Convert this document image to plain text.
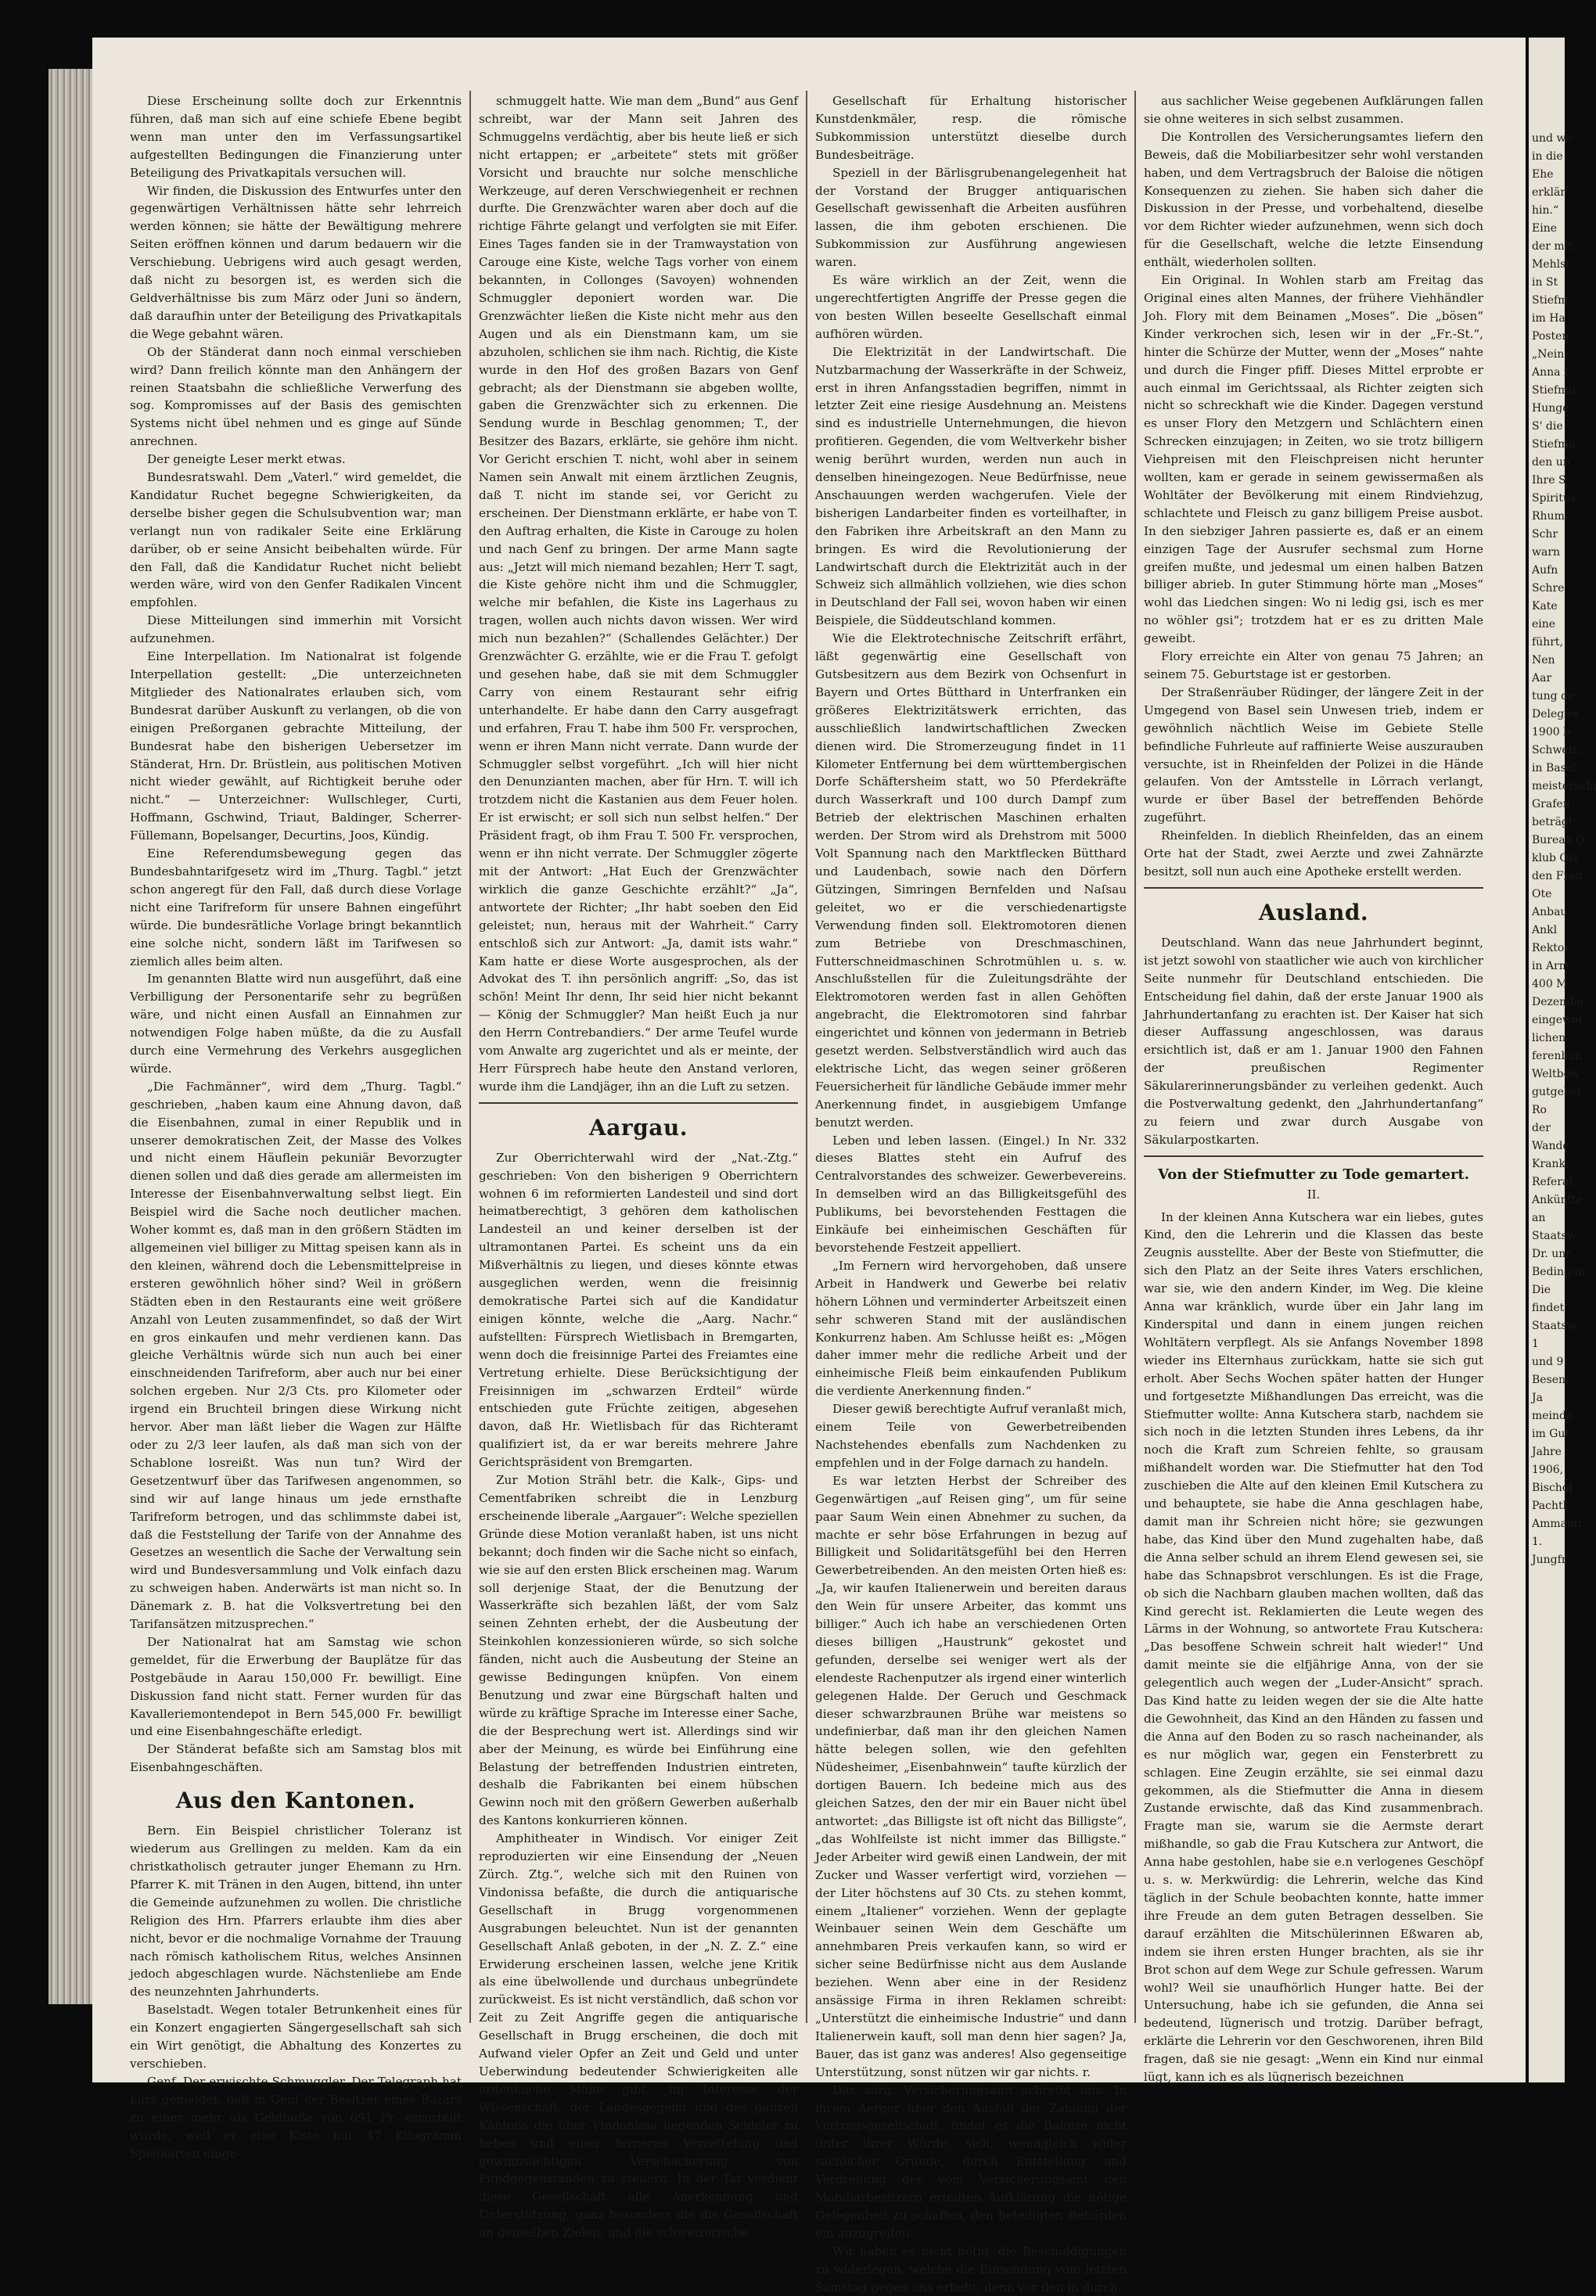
Diese Erscheinung sollte doch zur Erkenntnis führen, daß man sich auf eine schiefe Ebene begibt wenn man unter den im Verfassungsartikel aufgestellten Bedingungen die Finanzierung unter Beteiligung des Privatkapitals versuchen will.

Wir finden, die Diskussion des Entwurfes unter den gegenwärtigen Verhältnissen hätte sehr lehrreich werden können; sie hätte der Bewältigung mehrere Seiten eröffnen können und darum bedauern wir die Verschiebung. Uebrigens wird auch gesagt werden, daß nicht zu besorgen ist, es werden sich die Geldverhältnisse bis zum März oder Juni so ändern, daß daraufhin unter der Beteiligung des Privatkapitals die Wege gebahnt wären.

Ob der Ständerat dann noch einmal verschieben wird? Dann freilich könnte man den Anhängern der reinen Staatsbahn die schließliche Verwerfung des sog. Kompromisses auf der Basis des gemischten Systems nicht übel nehmen und es ginge auf Sünde anrechnen.

Der geneigte Leser merkt etwas.

Bundesratswahl. Dem „Vaterl.“ wird gemeldet, die Kandidatur Ruchet begegne Schwierigkeiten, da derselbe bisher gegen die Schulsubvention war; man verlangt nun von radikaler Seite eine Erklärung darüber, ob er seine Ansicht beibehalten würde. Für den Fall, daß die Kandidatur Ruchet nicht beliebt werden wäre, wird von den Genfer Radikalen Vincent empfohlen.

Diese Mitteilungen sind immerhin mit Vorsicht aufzunehmen.

Eine Interpellation. Im Nationalrat ist folgende Interpellation gestellt: „Die unterzeichneten Mitglieder des Nationalrates erlauben sich, vom Bundesrat darüber Auskunft zu verlangen, ob die von einigen Preßorganen gebrachte Mitteilung, der Bundesrat habe den bisherigen Uebersetzer im Ständerat, Hrn. Dr. Brüstlein, aus politischen Motiven nicht wieder gewählt, auf Richtigkeit beruhe oder nicht.“ — Unterzeichner: Wullschleger, Curti, Hoffmann, Gschwind, Triaut, Baldinger, Scherrer-Füllemann, Bopelsanger, Decurtins, Joos, Kündig.

Eine Referendumsbewegung gegen das Bundesbahntarifgesetz wird im „Thurg. Tagbl.“ jetzt schon angeregt für den Fall, daß durch diese Vorlage nicht eine Tarifreform für unsere Bahnen eingeführt würde. Die bundesrätliche Vorlage bringt bekanntlich eine solche nicht, sondern läßt im Tarifwesen so ziemlich alles beim alten.

Im genannten Blatte wird nun ausgeführt, daß eine Verbilligung der Personentarife sehr zu begrüßen wäre, und nicht einen Ausfall an Einnahmen zur notwendigen Folge haben müßte, da die zu Ausfall durch eine Vermehrung des Verkehrs ausgeglichen würde.

„Die Fachmänner“, wird dem „Thurg. Tagbl.“ geschrieben, „haben kaum eine Ahnung davon, daß die Eisenbahnen, zumal in einer Republik und in unserer demokratischen Zeit, der Masse des Volkes und nicht einem Häuflein pekuniär Bevorzugter dienen sollen und daß dies gerade am allermeisten im Interesse der Eisenbahnverwaltung selbst liegt. Ein Beispiel wird die Sache noch deutlicher machen. Woher kommt es, daß man in den größern Städten im allgemeinen viel billiger zu Mittag speisen kann als in den kleinen, während doch die Lebensmittelpreise in ersteren gewöhnlich höher sind? Weil in größern Städten eben in den Restaurants eine weit größere Anzahl von Leuten zusammenfindet, so daß der Wirt en gros einkaufen und mehr verdienen kann. Das gleiche Verhältnis würde sich nun auch bei einer einschneidenden Tarifreform, aber auch nur bei einer solchen ergeben. Nur 2/3 Cts. pro Kilometer oder irgend ein Bruchteil bringen diese Wirkung nicht hervor. Aber man läßt lieber die Wagen zur Hälfte oder zu 2/3 leer laufen, als daß man sich von der Schablone losreißt. Was nun tun? Wird der Gesetzentwurf über das Tarifwesen angenommen, so sind wir auf lange hinaus um jede ernsthafte Tarifreform betrogen, und das schlimmste dabei ist, daß die Feststellung der Tarife von der Annahme des Gesetzes an wesentlich die Sache der Verwaltung sein wird und Bundesversammlung und Volk einfach dazu zu schweigen haben. Anderwärts ist man nicht so. In Dänemark z. B. hat die Volksvertretung bei den Tarifansätzen mitzusprechen.“

Der Nationalrat hat am Samstag wie schon gemeldet, für die Erwerbung der Bauplätze für das Postgebäude in Aarau 150,000 Fr. bewilligt. Eine Diskussion fand nicht statt. Ferner wurden für das Kavalleriemontendepot in Bern 545,000 Fr. bewilligt und eine Eisenbahngeschäfte erledigt.

Der Ständerat befaßte sich am Samstag blos mit Eisenbahngeschäften.

Aus den Kantonen.

Bern. Ein Beispiel christlicher Toleranz ist wiederum aus Grellingen zu melden. Kam da ein christkatholisch getrauter junger Ehemann zu Hrn. Pfarrer K. mit Tränen in den Augen, bittend, ihn unter die Gemeinde aufzunehmen zu wollen. Die christliche Religion des Hrn. Pfarrers erlaubte ihm dies aber nicht, bevor er die nochmalige Vornahme der Trauung nach römisch katholischem Ritus, welches Ansinnen jedoch abgeschlagen wurde. Nächstenliebe am Ende des neunzehnten Jahrhunderts.

Baselstadt. Wegen totaler Betrunkenheit eines für ein Konzert engagierten Sängergesellschaft sah sich ein Wirt genötigt, die Abhaltung des Konzertes zu verschieben.

Genf. Der erwischte Schmuggler. Der Telegraph hat kurz gemeldet, daß in Genf der Besitzer eines Bazars zu einer mehr als Geldbuße von 691 Fr. verurteilt wurde, weil er eine Kiste mit 47 Kilogramm Spielkarten einge-

schmuggelt hatte. Wie man dem „Bund“ aus Genf schreibt, war der Mann seit Jahren des Schmuggelns verdächtig, aber bis heute ließ er sich nicht ertappen; er „arbeitete“ stets mit größer Vorsicht und brauchte nur solche menschliche Werkzeuge, auf deren Verschwiegenheit er rechnen durfte. Die Grenzwächter waren aber doch auf die richtige Fährte gelangt und verfolgten sie mit Eifer. Eines Tages fanden sie in der Tramwaystation von Carouge eine Kiste, welche Tags vorher von einem bekannten, in Collonges (Savoyen) wohnenden Schmuggler deponiert worden war. Die Grenzwächter ließen die Kiste nicht mehr aus den Augen und als ein Dienstmann kam, um sie abzuholen, schlichen sie ihm nach. Richtig, die Kiste wurde in den Hof des großen Bazars von Genf gebracht; als der Dienstmann sie abgeben wollte, gaben die Grenzwächter sich zu erkennen. Die Sendung wurde in Beschlag genommen; T., der Besitzer des Bazars, erklärte, sie gehöre ihm nicht. Vor Gericht erschien T. nicht, wohl aber in seinem Namen sein Anwalt mit einem ärztlichen Zeugnis, daß T. nicht im stande sei, vor Gericht zu erscheinen. Der Dienstmann erklärte, er habe von T. den Auftrag erhalten, die Kiste in Carouge zu holen und nach Genf zu bringen. Der arme Mann sagte aus: „Jetzt will mich niemand bezahlen; Herr T. sagt, die Kiste gehöre nicht ihm und die Schmuggler, welche mir befahlen, die Kiste ins Lagerhaus zu tragen, wollen auch nichts davon wissen. Wer wird mich nun bezahlen?“ (Schallendes Gelächter.) Der Grenzwächter G. erzählte, wie er die Frau T. gefolgt und gesehen habe, daß sie mit dem Schmuggler Carry von einem Restaurant sehr eifrig unterhandelte. Er habe dann den Carry ausgefragt und erfahren, Frau T. habe ihm 500 Fr. versprochen, wenn er ihren Mann nicht verrate. Dann wurde der Schmuggler selbst vorgeführt. „Ich will hier nicht den Denunzianten machen, aber für Hrn. T. will ich trotzdem nicht die Kastanien aus dem Feuer holen. Er ist erwischt; er soll sich nun selbst helfen.“ Der Präsident fragt, ob ihm Frau T. 500 Fr. versprochen, wenn er ihn nicht verrate. Der Schmuggler zögerte mit der Antwort: „Hat Euch der Grenzwächter wirklich die ganze Geschichte erzählt?“ „Ja“, antwortete der Richter; „Ihr habt soeben den Eid geleistet; nun, heraus mit der Wahrheit.“ Carry entschloß sich zur Antwort: „Ja, damit ists wahr.“ Kam hatte er diese Worte ausgesprochen, als der Advokat des T. ihn persönlich angriff: „So, das ist schön! Meint Ihr denn, Ihr seid hier nicht bekannt — König der Schmuggler? Man heißt Euch ja nur den Herrn Contrebandiers.“ Der arme Teufel wurde vom Anwalte arg zugerichtet und als er meinte, der Herr Fürsprech habe heute den Anstand verloren, wurde ihm die Landjäger, ihn an die Luft zu setzen.

Aargau.

Zur Oberrichterwahl wird der „Nat.-Ztg.“ geschrieben: Von den bisherigen 9 Oberrichtern wohnen 6 im reformierten Landesteil und sind dort heimatberechtigt, 3 gehören dem katholischen Landesteil an und keiner derselben ist der ultramontanen Partei. Es scheint uns da ein Mißverhältnis zu liegen, und dieses könnte etwas ausgeglichen werden, wenn die freisinnig demokratische Partei sich auf die Kandidatur einigen könnte, welche die „Aarg. Nachr.“ aufstellten: Fürsprech Wietlisbach in Bremgarten, wenn doch die freisinnige Partei des Freiamtes eine Vertretung erhielte. Diese Berücksichtigung der Freisinnigen im „schwarzen Erdteil“ würde entschieden gute Früchte zeitigen, abgesehen davon, daß Hr. Wietlisbach für das Richteramt qualifiziert ist, da er war bereits mehrere Jahre Gerichtspräsident von Bremgarten.

Zur Motion Strähl betr. die Kalk-, Gips- und Cementfabriken schreibt die in Lenzburg erscheinende liberale „Aargauer“: Welche speziellen Gründe diese Motion veranlaßt haben, ist uns nicht bekannt; doch finden wir die Sache nicht so einfach, wie sie auf den ersten Blick erscheinen mag. Warum soll derjenige Staat, der die Benutzung der Wasserkräfte sich bezahlen läßt, der vom Salz seinen Zehnten erhebt, der die Ausbeutung der Steinkohlen konzessionieren würde, so sich solche fänden, nicht auch die Ausbeutung der Steine an gewisse Bedingungen knüpfen. Von einem Benutzung und zwar eine Bürgschaft halten und würde zu kräftige Sprache im Interesse einer Sache, die der Besprechung wert ist. Allerdings sind wir aber der Meinung, es würde bei Einführung eine Belastung der betreffenden Industrien eintreten, deshalb die Fabrikanten bei einem hübschen Gewinn noch mit den größern Gewerben außerhalb des Kantons konkurrieren können.

Amphitheater in Windisch. Vor einiger Zeit reproduzierten wir eine Einsendung der „Neuen Zürch. Ztg.“, welche sich mit den Ruinen von Vindonissa befaßte, die durch die antiquarische Gesellschaft in Brugg vorgenommenen Ausgrabungen beleuchtet. Nun ist der genannten Gesellschaft Anlaß geboten, in der „N. Z. Z.“ eine Erwiderung erscheinen lassen, welche jene Kritik als eine übelwollende und durchaus unbegründete zurückweist. Es ist nicht verständlich, daß schon vor Zeit zu Zeit Angriffe gegen die antiquarische Gesellschaft in Brugg erscheinen, die doch mit Aufwand vieler Opfer an Zeit und Geld und unter Ueberwindung bedeutender Schwierigkeiten alle erdenkliche Mühe gibt, im Interesse der Wissenschaft, der Landesgegend und des ganzen Kantons die über Vindonissa liegenden Schleier zu heben und einer ferneren Verzettelung und gewinnsüchtigen Verschacherung von Fundgegenständen zu steuern. In der Tat verdient diese Gesellschaft alle Anerkennung und Unterstützung, ganz besonders die die Gesellschaft an denselben Zielen, und die schweizerische

Gesellschaft für Erhaltung historischer Kunstdenkmäler, resp. die römische Subkommission unterstützt dieselbe durch Bundesbeiträge.

Speziell in der Bärlisgrubenangelegenheit hat der Vorstand der Brugger antiquarischen Gesellschaft gewissenhaft die Arbeiten ausführen lassen, die ihm geboten erschienen. Die Subkommission zur Ausführung angewiesen waren.

Es wäre wirklich an der Zeit, wenn die ungerechtfertigten Angriffe der Presse gegen die von besten Willen beseelte Gesellschaft einmal aufhören würden.

Die Elektrizität in der Landwirtschaft. Die Nutzbarmachung der Wasserkräfte in der Schweiz, erst in ihren Anfangsstadien begriffen, nimmt in letzter Zeit eine riesige Ausdehnung an. Meistens sind es industrielle Unternehmungen, die hievon profitieren. Gegenden, die vom Weltverkehr bisher wenig berührt wurden, werden nun auch in denselben hineingezogen. Neue Bedürfnisse, neue Anschauungen werden wachgerufen. Viele der bisherigen Landarbeiter finden es vorteilhafter, in den Fabriken ihre Arbeitskraft an den Mann zu bringen. Es wird die Revolutionierung der Landwirtschaft durch die Elektrizität auch in der Schweiz sich allmählich vollziehen, wie dies schon in Deutschland der Fall sei, wovon haben wir einen Beispiele, die Süddeutschland kommen.

Wie die Elektrotechnische Zeitschrift erfährt, läßt gegenwärtig eine Gesellschaft von Gutsbesitzern aus dem Bezirk von Ochsenfurt in Bayern und Ortes Bütthard in Unterfranken ein größeres Elektrizitätswerk errichten, das ausschließlich landwirtschaftlichen Zwecken dienen wird. Die Stromerzeugung findet in 11 Kilometer Entfernung bei dem württembergischen Dorfe Schäftersheim statt, wo 50 Pferdekräfte durch Wasserkraft und 100 durch Dampf zum Betrieb der elektrischen Maschinen erhalten werden. Der Strom wird als Drehstrom mit 5000 Volt Spannung nach den Marktflecken Bütthard und Laudenbach, sowie nach den Dörfern Gützingen, Simringen Bernfelden und Naſsau geleitet, wo er die verschiedenartigste Verwendung finden soll. Elektromotoren dienen zum Betriebe von Dreschmaschinen, Futterschneidmaschinen Schrotmühlen u. s. w. Anschlußstellen für die Zuleitungsdrähte der Elektromotoren werden fast in allen Gehöften angebracht, die Elektromotoren sind fahrbar eingerichtet und können von jedermann in Betrieb gesetzt werden. Selbstverständlich wird auch das elektrische Licht, das wegen seiner größeren Feuersicherheit für ländliche Gebäude immer mehr Anerkennung findet, in ausgiebigem Umfange benutzt werden.

Leben und leben lassen. (Eingel.) In Nr. 332 dieses Blattes steht ein Aufruf des Centralvorstandes des schweizer. Gewerbevereins. In demselben wird an das Billigkeitsgefühl des Publikums, bei bevorstehenden Festtagen die Einkäufe bei einheimischen Geschäften für bevorstehende Festzeit appelliert.

„Im Fernern wird hervorgehoben, daß unsere Arbeit in Handwerk und Gewerbe bei relativ höhern Löhnen und verminderter Arbeitszeit einen sehr schweren Stand mit der ausländischen Konkurrenz haben. Am Schlusse heißt es: „Mögen daher immer mehr die redliche Arbeit und der einheimische Fleiß beim einkaufenden Publikum die verdiente Anerkennung finden.“

Dieser gewiß berechtigte Aufruf veranlaßt mich, einem Teile von Gewerbetreibenden Nachstehendes ebenfalls zum Nachdenken zu empfehlen und in der Folge darnach zu handeln.

Es war letzten Herbst der Schreiber des Gegenwärtigen „auf Reisen ging“, um für seine paar Saum Wein einen Abnehmer zu suchen, da machte er sehr böse Erfahrungen in bezug auf Billigkeit und Solidaritätsgefühl bei den Herren Gewerbetreibenden. An den meisten Orten hieß es: „Ja, wir kaufen Italienerwein und bereiten daraus den Wein für unsere Arbeiter, das kommt uns billiger.“ Auch ich habe an verschiedenen Orten dieses billigen „Haustrunk“ gekostet und gefunden, derselbe sei weniger wert als der elendeste Rachenputzer als irgend einer winterlich gelegenen Halde. Der Geruch und Geschmack dieser schwarzbraunen Brühe war meistens so undefinierbar, daß man ihr den gleichen Namen hätte belegen sollen, wie den gefehlten Nüdesheimer, „Eisenbahnwein“ taufte kürzlich der dortigen Bauern. Ich bedeine mich aus des gleichen Satzes, den der mir ein Bauer nicht übel antwortet: „das Billigste ist oft nicht das Billigste“, „das Wohlfeilste ist nicht immer das Billigste.“ Jeder Arbeiter wird gewiß einen Landwein, der mit Zucker und Wasser verfertigt wird, vorziehen — der Liter höchstens auf 30 Cts. zu stehen kommt, einem „Italiener“ vorziehen. Wenn der geplagte Weinbauer seinen Wein dem Geschäfte um annehmbaren Preis verkaufen kann, so wird er sicher seine Bedürfnisse nicht aus dem Auslande beziehen. Wenn aber eine in der Residenz ansässige Firma in ihren Reklamen schreibt: „Unterstützt die einheimische Industrie“ und dann Italienerwein kauft, soll man denn hier sagen? Ja, Bauer, das ist ganz was anderes! Also gegenseitige Unterstützung, sonst nützen wir gar nichts. r.

Das aarg. Versicherungsamt schreibt uns: In ihrem Aerger über den Ausfall der Zahlung der Vertragsgesellschaft, findet es die Baloise nicht unter ihrer Würde, sich, wenngleich wider sachlicher Gründe, durch Entstellung und Verdrehung der vom Versicherungsamt den Mobiliarbesitzern erteilten Aufklärung die nötige Gelegenheit zu schaffen, den beteiligten Behörden ein anzugreifen.

Wir haben es nicht nötig, die Beschuldigungen zu widerlegen, welche die Einsendung vom letzten Samstag gegen uns erhebt, denn vor den in durch-

aus sachlicher Weise gegebenen Aufklärungen fallen sie ohne weiteres in sich selbst zusammen.

Die Kontrollen des Versicherungsamtes liefern den Beweis, daß die Mobiliarbesitzer sehr wohl verstanden haben, und dem Vertragsbruch der Baloise die nötigen Konsequenzen zu ziehen. Sie haben sich daher die Diskussion in der Presse, und vorbehaltend, dieselbe vor dem Richter wieder aufzunehmen, wenn sich doch für die Gesellschaft, welche die letzte Einsendung enthält, wiederholen sollten.

Ein Original. In Wohlen starb am Freitag das Original eines alten Mannes, der frühere Viehhändler Joh. Flory mit dem Beinamen „Moses“. Die „bösen“ Kinder verkrochen sich, lesen wir in der „Fr.-St.“, hinter die Schürze der Mutter, wenn der „Moses“ nahte und durch die Finger pfiff. Dieses Mittel erprobte er auch einmal im Gerichtssaal, als Richter zeigten sich nicht so schreckhaft wie die Kinder. Dagegen verstund es unser Flory den Metzgern und Schlächtern einen Schrecken einzujagen; in Zeiten, wo sie trotz billigern Viehpreisen mit den Fleischpreisen nicht herunter wollten, kam er gerade in seinem gewissermaßen als Wohltäter der Bevölkerung mit einem Rindviehzug, schlachtete und Fleisch zu ganz billigem Preise ausbot. In den siebziger Jahren passierte es, daß er an einem einzigen Tage der Ausrufer sechsmal zum Horne greifen mußte, und jedesmal um einen halben Batzen billiger abrieb. In guter Stimmung hörte man „Moses“ wohl das Liedchen singen: Wo ni ledig gsi, isch es mer no wöhler gsi“; trotzdem hat er es zu dritten Male geweibt.

Flory erreichte ein Alter von genau 75 Jahren; an seinem 75. Geburtstage ist er gestorben.

Der Straßenräuber Rüdinger, der längere Zeit in der Umgegend von Basel sein Unwesen trieb, indem er gewöhnlich nächtlich Weise im Gebiete Stelle befindliche Fuhrleute auf raffinierte Weise auszurauben versuchte, ist in Rheinfelden der Polizei in die Hände gelaufen. Von der Amtsstelle in Lörrach verlangt, wurde er über Basel der betreffenden Behörde zugeführt.

Rheinfelden. In dieblich Rheinfelden, das an einem Orte hat der Stadt, zwei Aerzte und zwei Zahnärzte besitzt, soll nun auch eine Apotheke erstellt werden.

Ausland.

Deutschland. Wann das neue Jahrhundert beginnt, ist jetzt sowohl von staatlicher wie auch von kirchlicher Seite nunmehr für Deutschland entschieden. Die Entscheidung fiel dahin, daß der erste Januar 1900 als Jahrhundertanfang zu erachten ist. Der Kaiser hat sich dieser Auffassung angeschlossen, was daraus ersichtlich ist, daß er am 1. Januar 1900 den Fahnen der preußischen Regimenter Säkularerinnerungsbänder zu verleihen gedenkt. Auch die Postverwaltung gedenkt, den „Jahrhundertanfang“ zu feiern und zwar durch Ausgabe von Säkularpostkarten.

Von der Stiefmutter zu Tode gemartert.
II.

In der kleinen Anna Kutschera war ein liebes, gutes Kind, den die Lehrerin und die Klassen das beste Zeugnis ausstellte. Aber der Beste von Stiefmutter, die sich den Platz an der Seite ihres Vaters erschlichen, war sie, wie den andern Kinder, im Weg. Die kleine Anna war kränklich, wurde über ein Jahr lang im Kinderspital und dann in einem jungen reichen Wohltätern verpflegt. Als sie Anfangs November 1898 wieder ins Elternhaus zurückkam, hatte sie sich gut erholt. Aber Sechs Wochen später hatten der Hunger und fortgesetzte Mißhandlungen Das erreicht, was die Stiefmutter wollte: Anna Kutschera starb, nachdem sie sich noch in die letzten Stunden ihres Lebens, da ihr noch die Kraft zum Schreien fehlte, so grausam mißhandelt worden war. Die Stiefmutter hat den Tod zuschieben die Alte auf den kleinen Emil Kutschera zu und behauptete, sie habe die Anna geschlagen habe, damit man ihr Schreien nicht höre; sie gezwungen habe, das Kind über den Mund zugehalten habe, daß die Anna selber schuld an ihrem Elend gewesen sei, sie habe das Schnapsbrot verschlungen. Es ist die Frage, ob sich die Nachbarn glauben machen wollten, daß das Kind gerecht ist. Reklamierten die Leute wegen des Lärms in der Wohnung, so antwortete Frau Kutschera: „Das besoffene Schwein schreit halt wieder!“ Und damit meinte sie die elfjährige Anna, von der sie gelegentlich auch wegen der „Luder-Ansicht“ sprach. Das Kind hatte zu leiden wegen der sie die Alte hatte die Gewohnheit, das Kind an den Händen zu fassen und die Anna auf den Boden zu so rasch nacheinander, als es nur möglich war, gegen ein Fensterbrett zu schlagen. Eine Zeugin erzählte, sie sei einmal dazu gekommen, als die Stiefmutter die Anna in diesem Zustande erwischte, daß das Kind zusammenbrach. Fragte man sie, warum sie die Aermste derart mißhandle, so gab die Frau Kutschera zur Antwort, die Anna habe gestohlen, habe sie e.n verlogenes Geschöpf u. s. w. Merkwürdig: die Lehrerin, welche das Kind täglich in der Schule beobachten konnte, hatte immer ihre Freude an dem guten Betragen desselben. Sie darauf erzählten die Mitschülerinnen Eßwaren ab, indem sie ihren ersten Hunger brachten, als sie ihr Brot schon auf dem Wege zur Schule gefressen. Warum wohl? Weil sie unaufhörlich Hunger hatte. Bei der Untersuchung, habe ich sie gefunden, die Anna sei bedeutend, lügnerisch und trotzig. Darüber befragt, erklärte die Lehrerin vor den Geschworenen, ihren Bild fragen, daß sie nie gesagt: „Wenn ein Kind nur einmal lügt, kann ich es als lügnerisch bezeichnen

und we
in die
Ehe
erklär
hin.“
Eine
der mit
Mehlsi
in St
Stiefm
im Ha
Posten
„Nein,
Anna f
Stiefmu
Hunge
S' die
Stiefmu
den un
Ihre S
Spiritus
Rhum.
Schr
warn
Aufn
Schre
Kate
eine
führt,
Nen
Aar
tung de
Delegier
1900 b
Schweiz,
in Basel
meisterschi
Grafen
beträgt
Bureau O
klub Ost
den Fran
Ote
Anbau
Ankl
Rektor
in Arm
400 M
Dezembe
eingewöl
lichen
ferenbun
Weltbew
gutgehei
Ro
der
Wande
Krank
Referat
Ankünfte
an
Staatsw
Dr. unr
Bedingun
Die
findet
Staatsw
1
und 9
Besen
Ja
meinde
im Gut
Jahre
1906,
Bischof
Pachtl
Ammann
1.
Jungfr
